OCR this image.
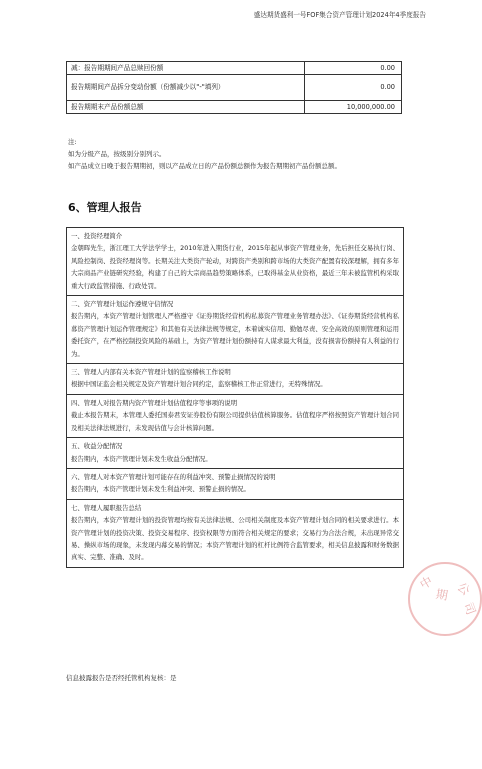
盛达期货盛利一号FOF集合资产管理计划2024年4季度报告
减：报告期期间产品总赎回份额	0.00
报告期期间产品拆分变动份额（份额减少以"-"填列）	0.00
报告期期末产品份额总额	10,000,000.00
注:
如为分级产品，按级别分别列示。
如产品成立日晚于报告期期初，则以产品成立日的产品份额总额作为报告期期初产品份额总额。
6、管理人报告
一、投资经理简介
金朝晖先生，浙江理工大学法学学士，2010年进入期货行业，2015年起从事资产管理业务，先后担任交易执行岗、风险控制岗、投资经理岗等。长期关注大类资产轮动，对跨资产类别和跨市场的大类资产配置有较深理解，拥有多年大宗商品产业链研究经验，构建了自己的大宗商品趋势策略体系，已取得基金从业资格，最近三年未被监管机构采取重大行政监管措施、行政处罚。
二、资产管理计划运作遵规守信情况
报告期内，本资产管理计划管理人严格遵守《证券期货经营机构私募资产管理业务管理办法》、《证券期货经营机构私募资产管理计划运作管理规定》和其他有关法律法规等规定，本着诚实信用、勤勉尽责、安全高效的原则管理和运用委托资产，在严格控制投资风险的基础上，为资产管理计划份额持有人谋求最大利益，没有损害份额持有人利益的行为。
三、管理人内部有关本资产管理计划的监察稽核工作说明
根据中国证监会相关规定及资产管理计划合同约定，监察稽核工作正常进行，无特殊情况。
四、管理人对报告期内资产管理计划估值程序等事项的说明
截止本报告期末，本管理人委托国泰君安证券股份有限公司提供估值核算服务。估值程序严格按照资产管理计划合同及相关法律法规进行，未发现估值与会计核算问题。
五、收益分配情况
报告期内，本资产管理计划未发生收益分配情况。
六、管理人对本资产管理计划可能存在的利益冲突、预警止损情况的说明
报告期内，本资产管理计划未发生利益冲突、预警止损的情况。
七、管理人履职报告总结
报告期内，本资产管理计划的投资管理均按有关法律法规、公司相关制度及本资产管理计划合同的相关要求进行。本资产管理计划的投资决策、投资交易程序、投资权限等方面符合相关规定的要求；交易行为合法合规，未出现异常交易、操纵市场的现象，未发现内幕交易的情况；本资产管理计划的杠杆比例符合监管要求，相关信息披露和财务数据真实、完整、准确、及时。
信息披露报告是否经托管机构复核：是
中
期 公
司
